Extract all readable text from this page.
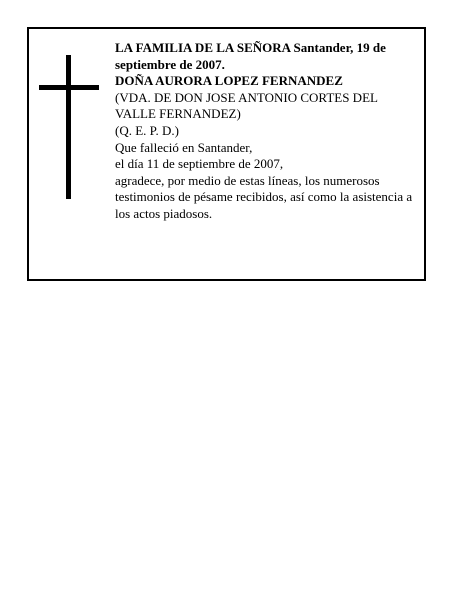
LA FAMILIA DE LA SEÑORA Santander, 19 de septiembre de 2007.
DOÑA AURORA LOPEZ FERNANDEZ
(VDA. DE DON JOSE ANTONIO CORTES DEL VALLE FERNANDEZ)
(Q. E. P. D.)
Que falleció en Santander,
el día 11 de septiembre de 2007,
agradece, por medio de estas líneas, los numerosos testimonios de pésame recibidos, así como la asistencia a los actos piadosos.
